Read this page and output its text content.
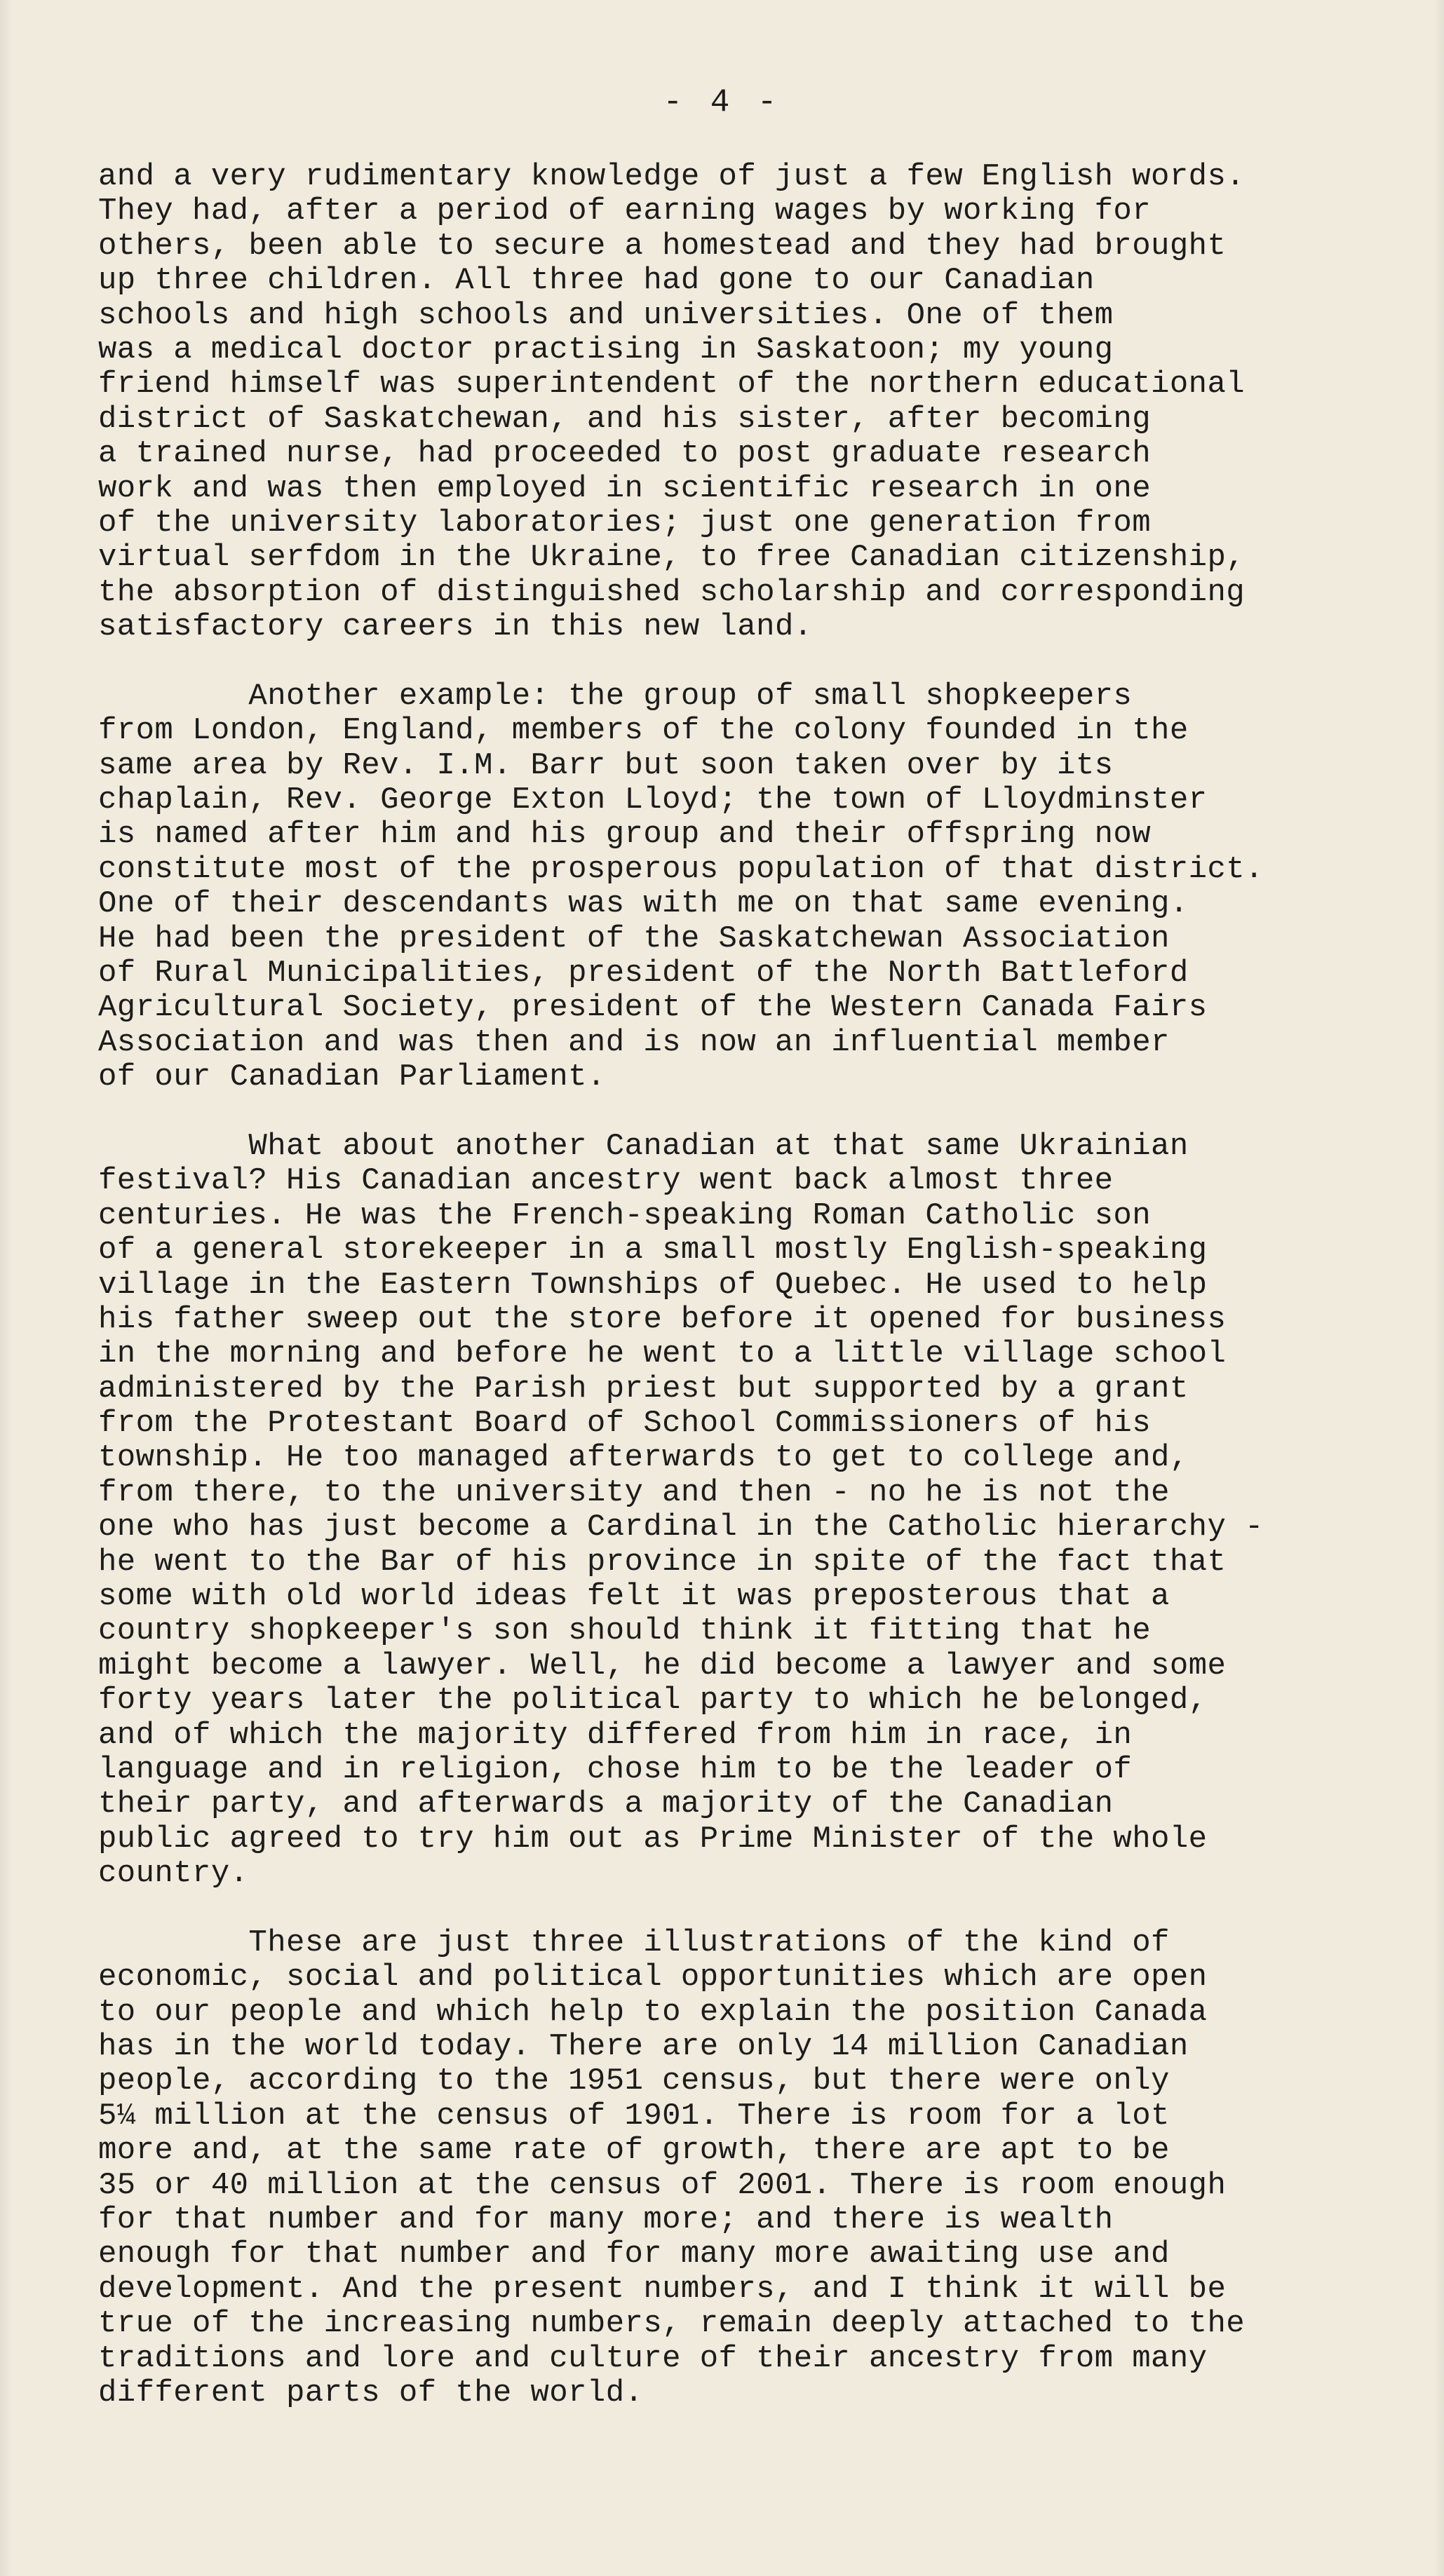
- 4 -
and a very rudimentary knowledge of just a few English words.
They had, after a period of earning wages by working for
others, been able to secure a homestead and they had brought
up three children. All three had gone to our Canadian
schools and high schools and universities. One of them
was a medical doctor practising in Saskatoon; my young
friend himself was superintendent of the northern educational
district of Saskatchewan, and his sister, after becoming
a trained nurse, had proceeded to post graduate research
work and was then employed in scientific research in one
of the university laboratories; just one generation from
virtual serfdom in the Ukraine, to free Canadian citizenship,
the absorption of distinguished scholarship and corresponding
satisfactory careers in this new land.
Another example: the group of small shopkeepers
from London, England, members of the colony founded in the
same area by Rev. I.M. Barr but soon taken over by its
chaplain, Rev. George Exton Lloyd; the town of Lloydminster
is named after him and his group and their offspring now
constitute most of the prosperous population of that district.
One of their descendants was with me on that same evening.
He had been the president of the Saskatchewan Association
of Rural Municipalities, president of the North Battleford
Agricultural Society, president of the Western Canada Fairs
Association and was then and is now an influential member
of our Canadian Parliament.
What about another Canadian at that same Ukrainian
festival? His Canadian ancestry went back almost three
centuries. He was the French-speaking Roman Catholic son
of a general storekeeper in a small mostly English-speaking
village in the Eastern Townships of Quebec. He used to help
his father sweep out the store before it opened for business
in the morning and before he went to a little village school
administered by the Parish priest but supported by a grant
from the Protestant Board of School Commissioners of his
township. He too managed afterwards to get to college and,
from there, to the university and then - no he is not the
one who has just become a Cardinal in the Catholic hierarchy -
he went to the Bar of his province in spite of the fact that
some with old world ideas felt it was preposterous that a
country shopkeeper's son should think it fitting that he
might become a lawyer. Well, he did become a lawyer and some
forty years later the political party to which he belonged,
and of which the majority differed from him in race, in
language and in religion, chose him to be the leader of
their party, and afterwards a majority of the Canadian
public agreed to try him out as Prime Minister of the whole
country.
These are just three illustrations of the kind of
economic, social and political opportunities which are open
to our people and which help to explain the position Canada
has in the world today. There are only 14 million Canadian
people, according to the 1951 census, but there were only
5¼ million at the census of 1901. There is room for a lot
more and, at the same rate of growth, there are apt to be
35 or 40 million at the census of 2001. There is room enough
for that number and for many more; and there is wealth
enough for that number and for many more awaiting use and
development. And the present numbers, and I think it will be
true of the increasing numbers, remain deeply attached to the
traditions and lore and culture of their ancestry from many
different parts of the world.
